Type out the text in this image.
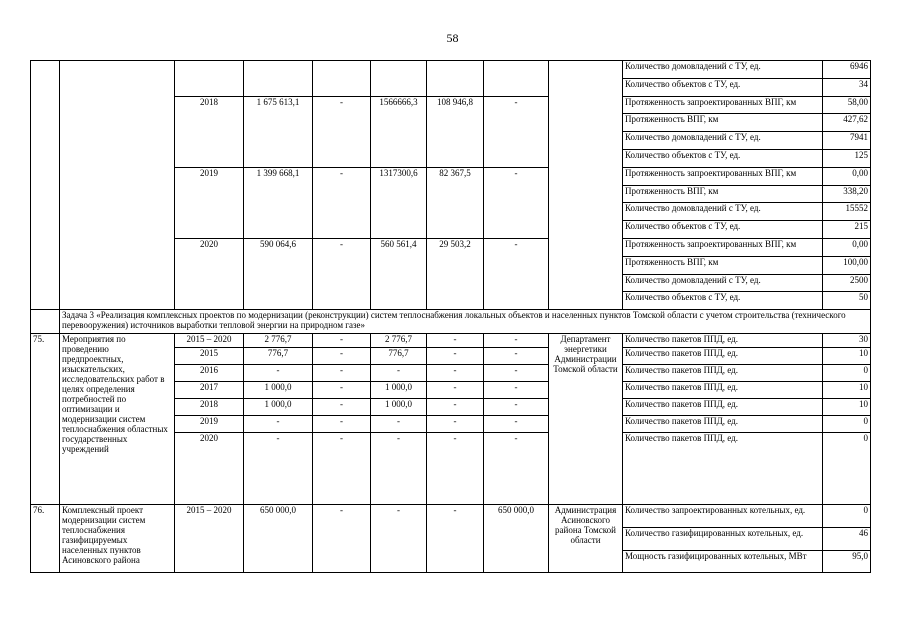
58
									Количество домовладений с ТУ, ед.	6946
									Количество объектов с ТУ, ед.	34
		2018	1 675 613,1	-	1566666,3	108 946,8	-		Протяженность запроектированных ВПГ, км	58,00
									Протяженность ВПГ, км	427,62
									Количество домовладений с ТУ, ед.	7941
									Количество объектов с ТУ, ед.	125
		2019	1 399 668,1	-	1317300,6	82 367,5	-		Протяженность запроектированных ВПГ, км	0,00
									Протяженность ВПГ, км	338,20
									Количество домовладений с ТУ, ед.	15552
									Количество объектов с ТУ, ед.	215
		2020	590 064,6	-	560 561,4	29 503,2	-		Протяженность запроектированных ВПГ, км	0,00
									Протяженность ВПГ, км	100,00
									Количество домовладений с ТУ, ед.	2500
									Количество объектов с ТУ, ед.	50
	Задача 3 «Реализация комплексных проектов по модернизации (реконструкции) систем теплоснабжения локальных объектов и населенных пунктов Томской области с учетом строительства (технического перевооружения) источников выработки тепловой энергии на природном газе»									
75.	Мероприятия по проведению предпроектных, изыскательских, исследовательских работ в целях определения потребностей по оптимизации и модернизации систем теплоснабжения областных государственных учреждений	2015 – 2020	2 776,7	-	2 776,7	-	-	Департамент энергетики Администрации Томской области	Количество пакетов ППД, ед.	30
		2015	776,7	-	776,7	-	-		Количество пакетов ППД, ед.	10
		2016	-	-	-	-	-		Количество пакетов ППД, ед.	0
		2017	1 000,0	-	1 000,0	-	-		Количество пакетов ППД, ед.	10
		2018	1 000,0	-	1 000,0	-	-		Количество пакетов ППД, ед.	10
		2019	-	-	-	-	-		Количество пакетов ППД, ед.	0
		2020	-	-	-	-	-		Количество пакетов ППД, ед.	0
76.	Комплексный проект модернизации систем теплоснабжения газифицируемых населенных пунктов Асиновского района	2015 – 2020	650 000,0	-	-	-	650 000,0	Администрация Асиновского района Томской области	Количество запроектированных котельных, ед.	0
									Количество газифицированных котельных, ед.	46
									Мощность газифицированных котельных, МВт	95,0
